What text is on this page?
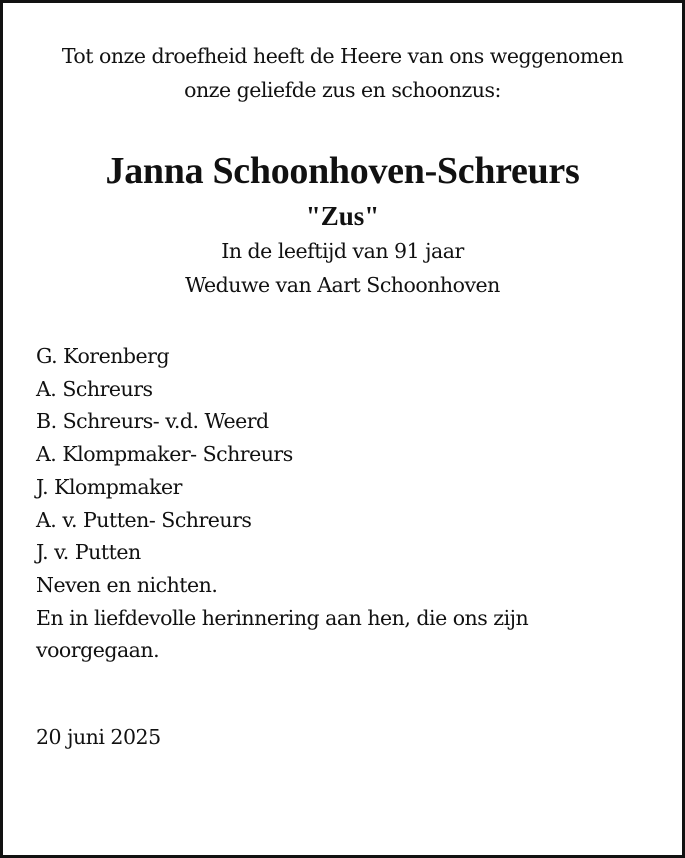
Tot onze droefheid heeft de Heere van ons weggenomen
onze geliefde zus en schoonzus:
Janna Schoonhoven-Schreurs
"Zus"
In de leeftijd van 91 jaar
Weduwe van Aart Schoonhoven
G. Korenberg
A. Schreurs
B. Schreurs- v.d. Weerd
A. Klompmaker- Schreurs
J. Klompmaker
A. v. Putten- Schreurs
J. v. Putten
Neven en nichten.
En in liefdevolle herinnering aan hen, die ons zijn voorgegaan.
20 juni 2025
